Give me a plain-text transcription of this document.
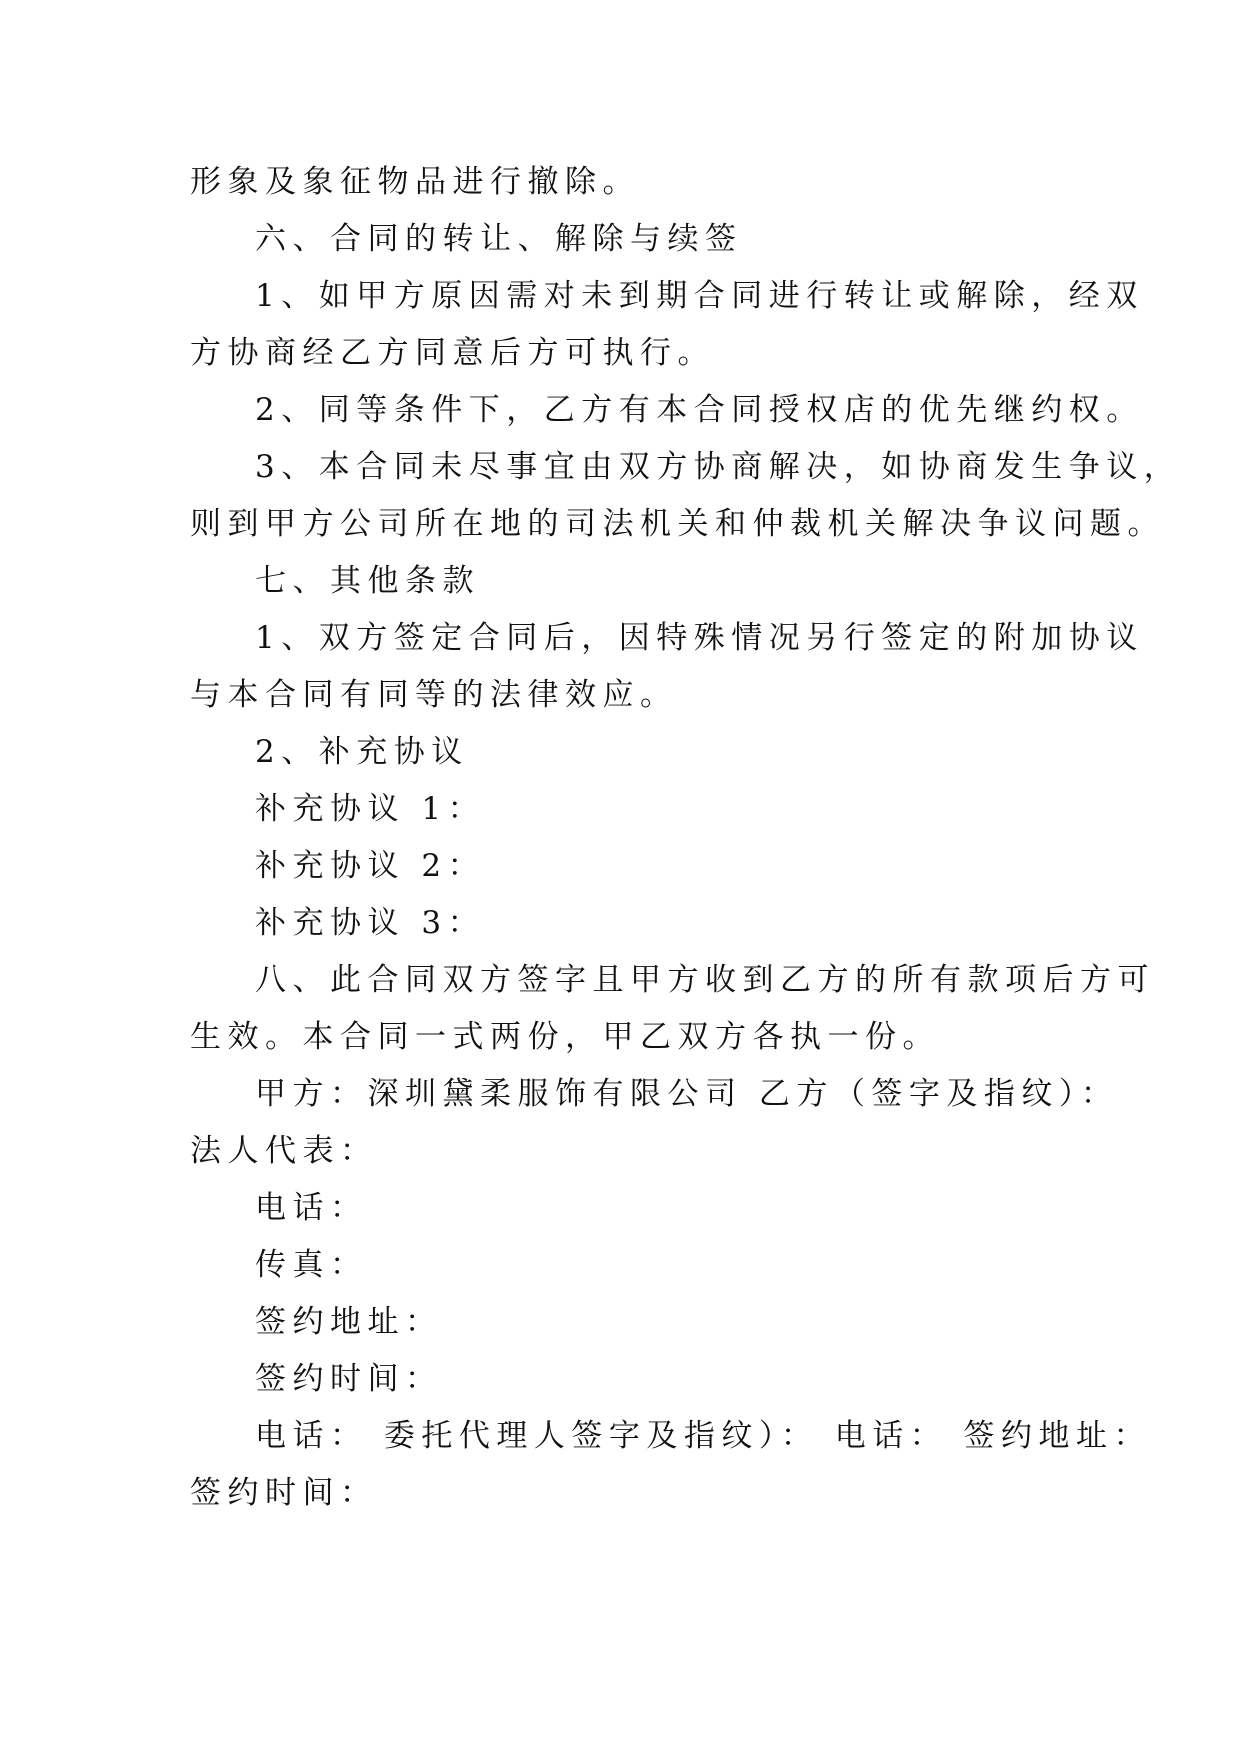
形象及象征物品进行撤除。
六、合同的转让、解除与续签
1、如甲方原因需对未到期合同进行转让或解除，经双
方协商经乙方同意后方可执行。
2、同等条件下，乙方有本合同授权店的优先继约权。
3、本合同未尽事宜由双方协商解决，如协商发生争议，
则到甲方公司所在地的司法机关和仲裁机关解决争议问题。
七、其他条款
1、双方签定合同后，因特殊情况另行签定的附加协议
与本合同有同等的法律效应。
2、补充协议
补充协议 1：
补充协议 2：
补充协议 3：
八、此合同双方签字且甲方收到乙方的所有款项后方可
生效。本合同一式两份，甲乙双方各执一份。
甲方：深圳黛柔服饰有限公司 乙方（签字及指纹）：
法人代表：
电话：
传真：
签约地址：
签约时间：
电话： 委托代理人签字及指纹）： 电话： 签约地址：
签约时间：
